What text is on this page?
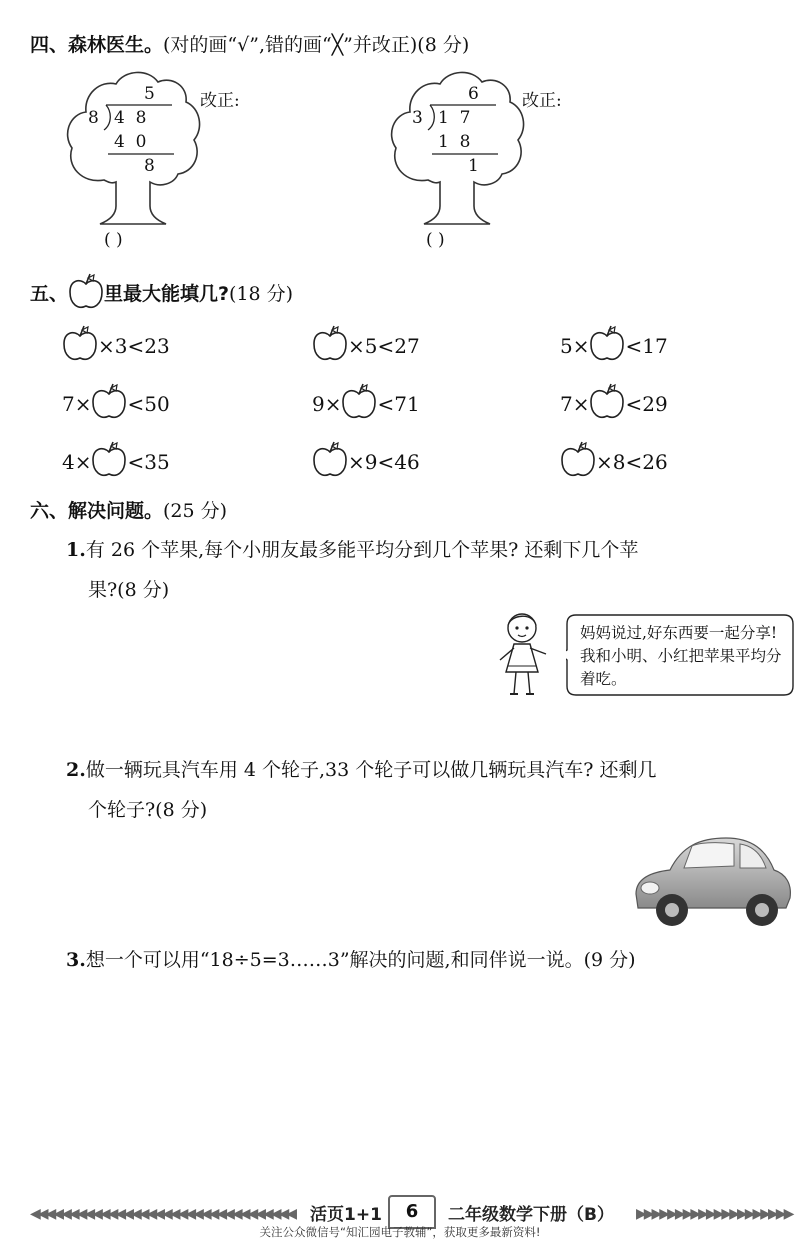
四、森林医生。(对的画“√”,错的画“╳”并改正)(8 分)
5
8 4  8
4  0
8
改正:
( )
6
3 1  7
1  8
1
改正:
( )
五、 里最大能填几? (18 分)
×3<23	×5<27	5× <17
7× <50	9× <71	7× <29
4× <35	×9<46	×8<26
六、解决问题。(25 分)
1.有 26 个苹果,每个小朋友最多能平均分到几个苹果? 还剩下几个苹
果?(8 分)
妈妈说过,好东西要一起分享!我和小明、小红把苹果平均分着吃。
2.做一辆玩具汽车用 4 个轮子,33 个轮子可以做几辆玩具汽车? 还剩几
个轮子?(8 分)
3.想一个可以用“18÷5=3……3”解决的问题,和同伴说一说。(9 分)
◀◀◀◀◀◀◀◀◀◀◀◀◀◀◀◀◀◀◀◀◀◀◀◀◀◀◀◀◀◀◀◀◀◀ 活页1+1	6	二年级数学下册（B） ▶▶▶▶▶▶▶▶▶▶▶▶▶▶▶▶▶▶▶▶
关注公众微信号“知汇园电子教辅”，获取更多最新资料!
